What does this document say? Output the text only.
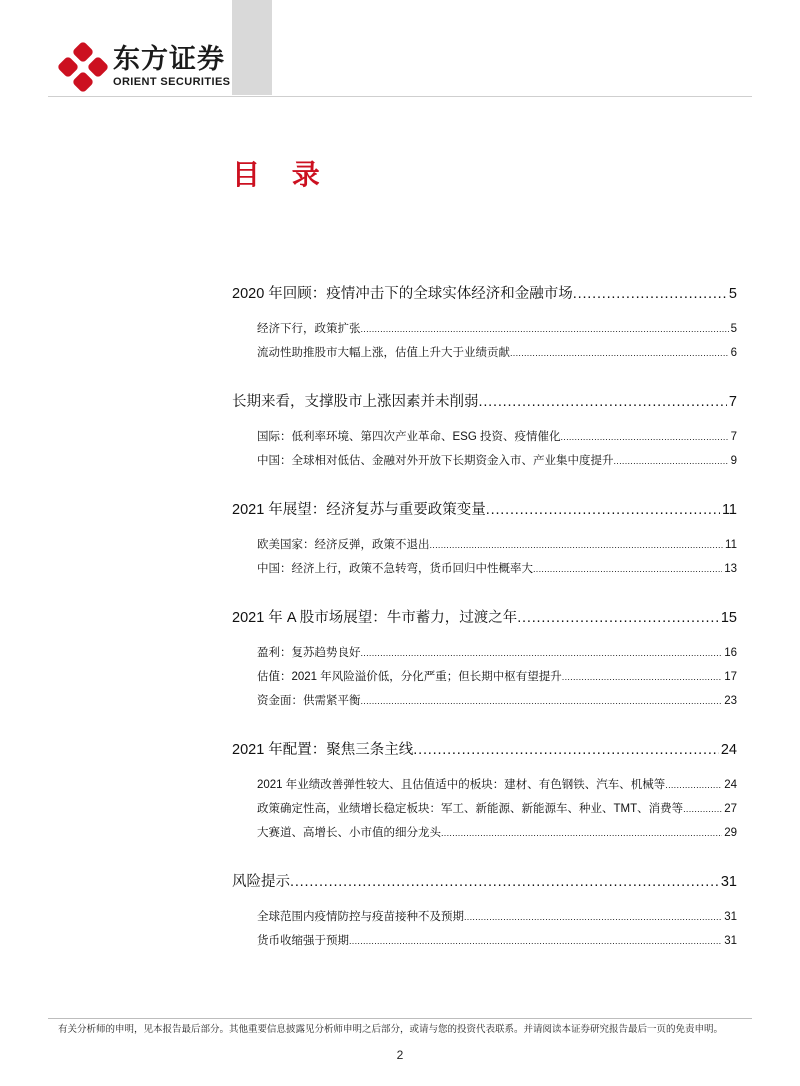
东方证券
ORIENT SECURITIES
目 录
2020 年回顾：疫情冲击下的全球实体经济和金融市场 .....	5
经济下行，政策扩张 .....	5
流动性助推股市大幅上涨，估值上升大于业绩贡献 .....	6
长期来看，支撑股市上涨因素并未削弱 .....	7
国际：低利率环境、第四次产业革命、ESG 投资、疫情催化 .....	7
中国：全球相对低估、金融对外开放下长期资金入市、产业集中度提升 .....	9
2021 年展望：经济复苏与重要政策变量 .....	11
欧美国家：经济反弹，政策不退出 .....	11
中国：经济上行，政策不急转弯，货币回归中性概率大 .....	13
2021 年 A 股市场展望：牛市蓄力，过渡之年 .....	15
盈利：复苏趋势良好 .....	16
估值：2021 年风险溢价低，分化严重；但长期中枢有望提升 .....	17
资金面：供需紧平衡 .....	23
2021 年配置：聚焦三条主线 .....	24
2021 年业绩改善弹性较大、且估值适中的板块：建材、有色钢铁、汽车、机械等 .....	24
政策确定性高，业绩增长稳定板块：军工、新能源、新能源车、种业、TMT、消费等 .....	27
大赛道、高增长、小市值的细分龙头 .....	29
风险提示 .....	31
全球范围内疫情防控与疫苗接种不及预期 .....	31
货币收缩强于预期 .....	31
有关分析师的申明，见本报告最后部分。其他重要信息披露见分析师申明之后部分，或请与您的投资代表联系。并请阅读本证券研究报告最后一页的免责申明。
2
